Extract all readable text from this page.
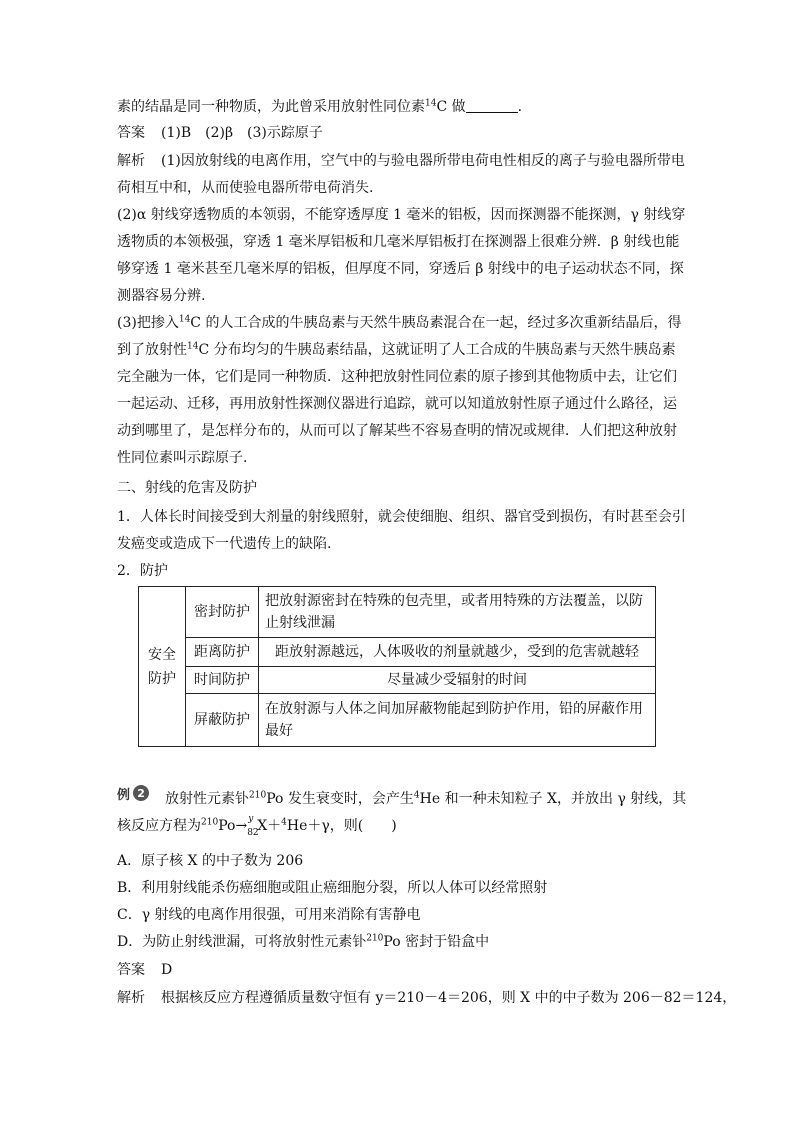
素的结晶是同一种物质，为此曾采用放射性同位素$^{14}$C 做	.

答案 (1)B　(2)β　(3)示踪原子

解析 (1)因放射线的电离作用，空气中的与验电器所带电荷电性相反的离子与验电器所带电

荷相互中和，从而使验电器所带电荷消失.

(2)α 射线穿透物质的本领弱，不能穿透厚度 1 毫米的铝板，因而探测器不能探测，γ 射线穿

透物质的本领极强，穿透 1 毫米厚铝板和几毫米厚铝板打在探测器上很难分辨．β 射线也能

够穿透 1 毫米甚至几毫米厚的铝板，但厚度不同，穿透后 β 射线中的电子运动状态不同，探

测器容易分辨.

(3)把掺入$^{14}$C 的人工合成的牛胰岛素与天然牛胰岛素混合在一起，经过多次重新结晶后，得

到了放射性$^{14}$C 分布均匀的牛胰岛素结晶，这就证明了人工合成的牛胰岛素与天然牛胰岛素

完全融为一体，它们是同一种物质．这种把放射性同位素的原子掺到其他物质中去，让它们

一起运动、迁移，再用放射性探测仪器进行追踪，就可以知道放射性原子通过什么路径，运

动到哪里了，是怎样分布的，从而可以了解某些不容易查明的情况或规律．人们把这种放射

性同位素叫示踪原子.

二、射线的危害及防护

1．人体长时间接受到大剂量的射线照射，就会使细胞、组织、器官受到损伤，有时甚至会引

发癌变或造成下一代遗传上的缺陷.

2．防护

安全防护	密封防护	把放射源密封在特殊的包壳里，或者用特殊的方法覆盖，以防止射线泄漏
	距离防护	距放射源越远，人体吸收的剂量就越少，受到的危害就越轻
	时间防护	尽量减少受辐射的时间
	屏蔽防护	在放射源与人体之间加屏蔽物能起到防护作用，铅的屏蔽作用最好
例 2 放射性元素钋$^{210}$Po 发生衰变时，会产生$^4$He 和一种未知粒子 X，并放出 γ 射线，其

核反应方程为$^{210}$Po→ y
82
X＋$^4$He＋γ，则(　　)

A．原子核 X 的中子数为 206

B．利用射线能杀伤癌细胞或阻止癌细胞分裂，所以人体可以经常照射

C．γ 射线的电离作用很强，可用来消除有害静电

D．为防止射线泄漏，可将放射性元素钋$^{210}$Po 密封于铅盒中

答案 D

解析 根据核反应方程遵循质量数守恒有 y＝210－4＝206，则 X 中的中子数为 206－82＝124，
